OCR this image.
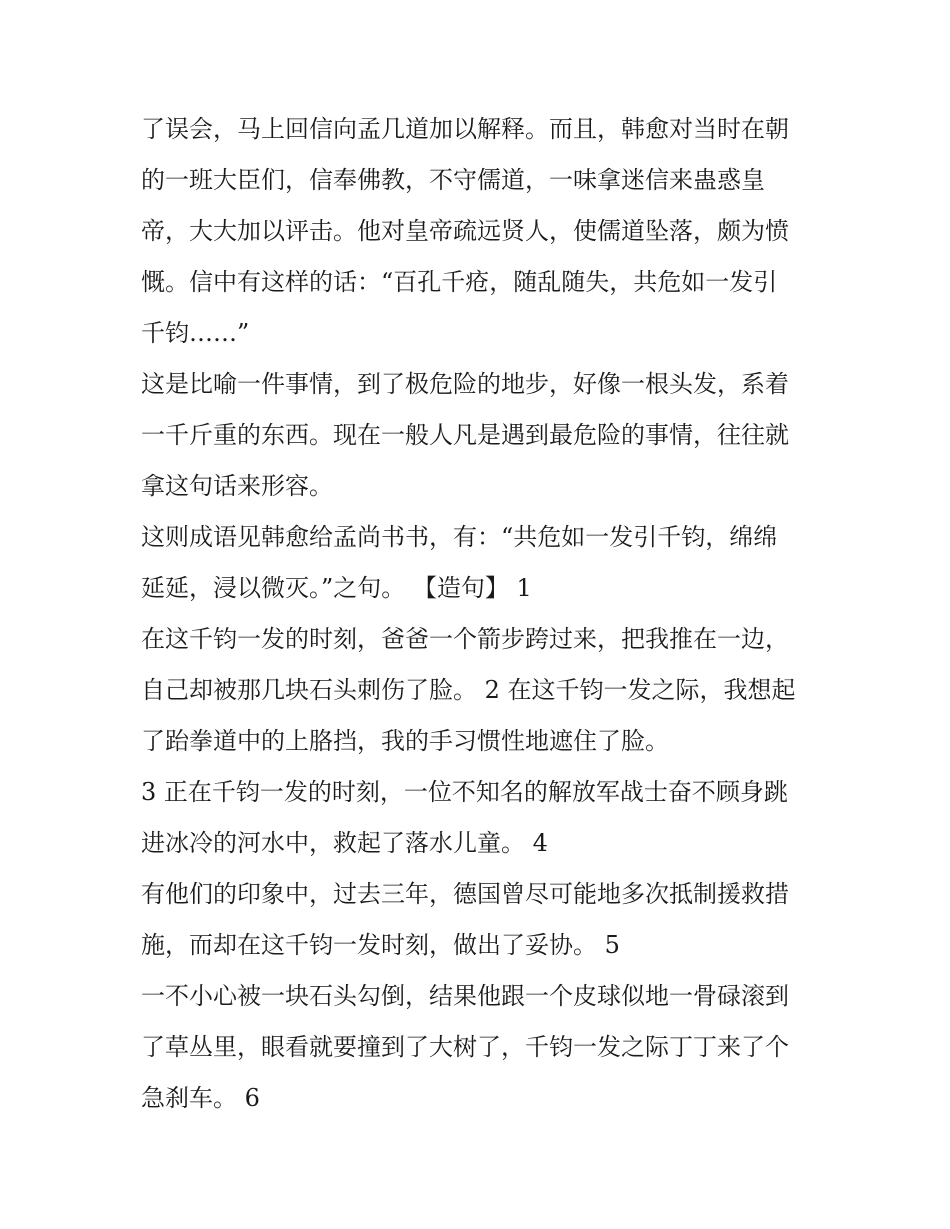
了误会，马上回信向孟几道加以解释。而且，韩愈对当时在朝
的一班大臣们，信奉佛教，不守儒道，一味拿迷信来蛊惑皇
帝，大大加以评击。他对皇帝疏远贤人，使儒道坠落，颇为愤
慨。信中有这样的话：“百孔千疮，随乱随失，共危如一发引
千钧……”

这是比喻一件事情，到了极危险的地步，好像一根头发，系着
一千斤重的东西。现在一般人凡是遇到最危险的事情，往往就
拿这句话来形容。

这则成语见韩愈给孟尚书书，有：“共危如一发引千钧，绵绵
延延，浸以微灭。”之句。 【造句】 1

在这千钧一发的时刻，爸爸一个箭步跨过来，把我推在一边，
自己却被那几块石头刺伤了脸。 2 在这千钧一发之际，我想起
了跆拳道中的上胳挡，我的手习惯性地遮住了脸。

3 正在千钧一发的时刻，一位不知名的解放军战士奋不顾身跳
进冰冷的河水中，救起了落水儿童。 4

有他们的印象中，过去三年，德国曾尽可能地多次抵制援救措
施，而却在这千钧一发时刻，做出了妥协。 5

一不小心被一块石头勾倒，结果他跟一个皮球似地一骨碌滚到
了草丛里，眼看就要撞到了大树了，千钧一发之际丁丁来了个
急刹车。 6
